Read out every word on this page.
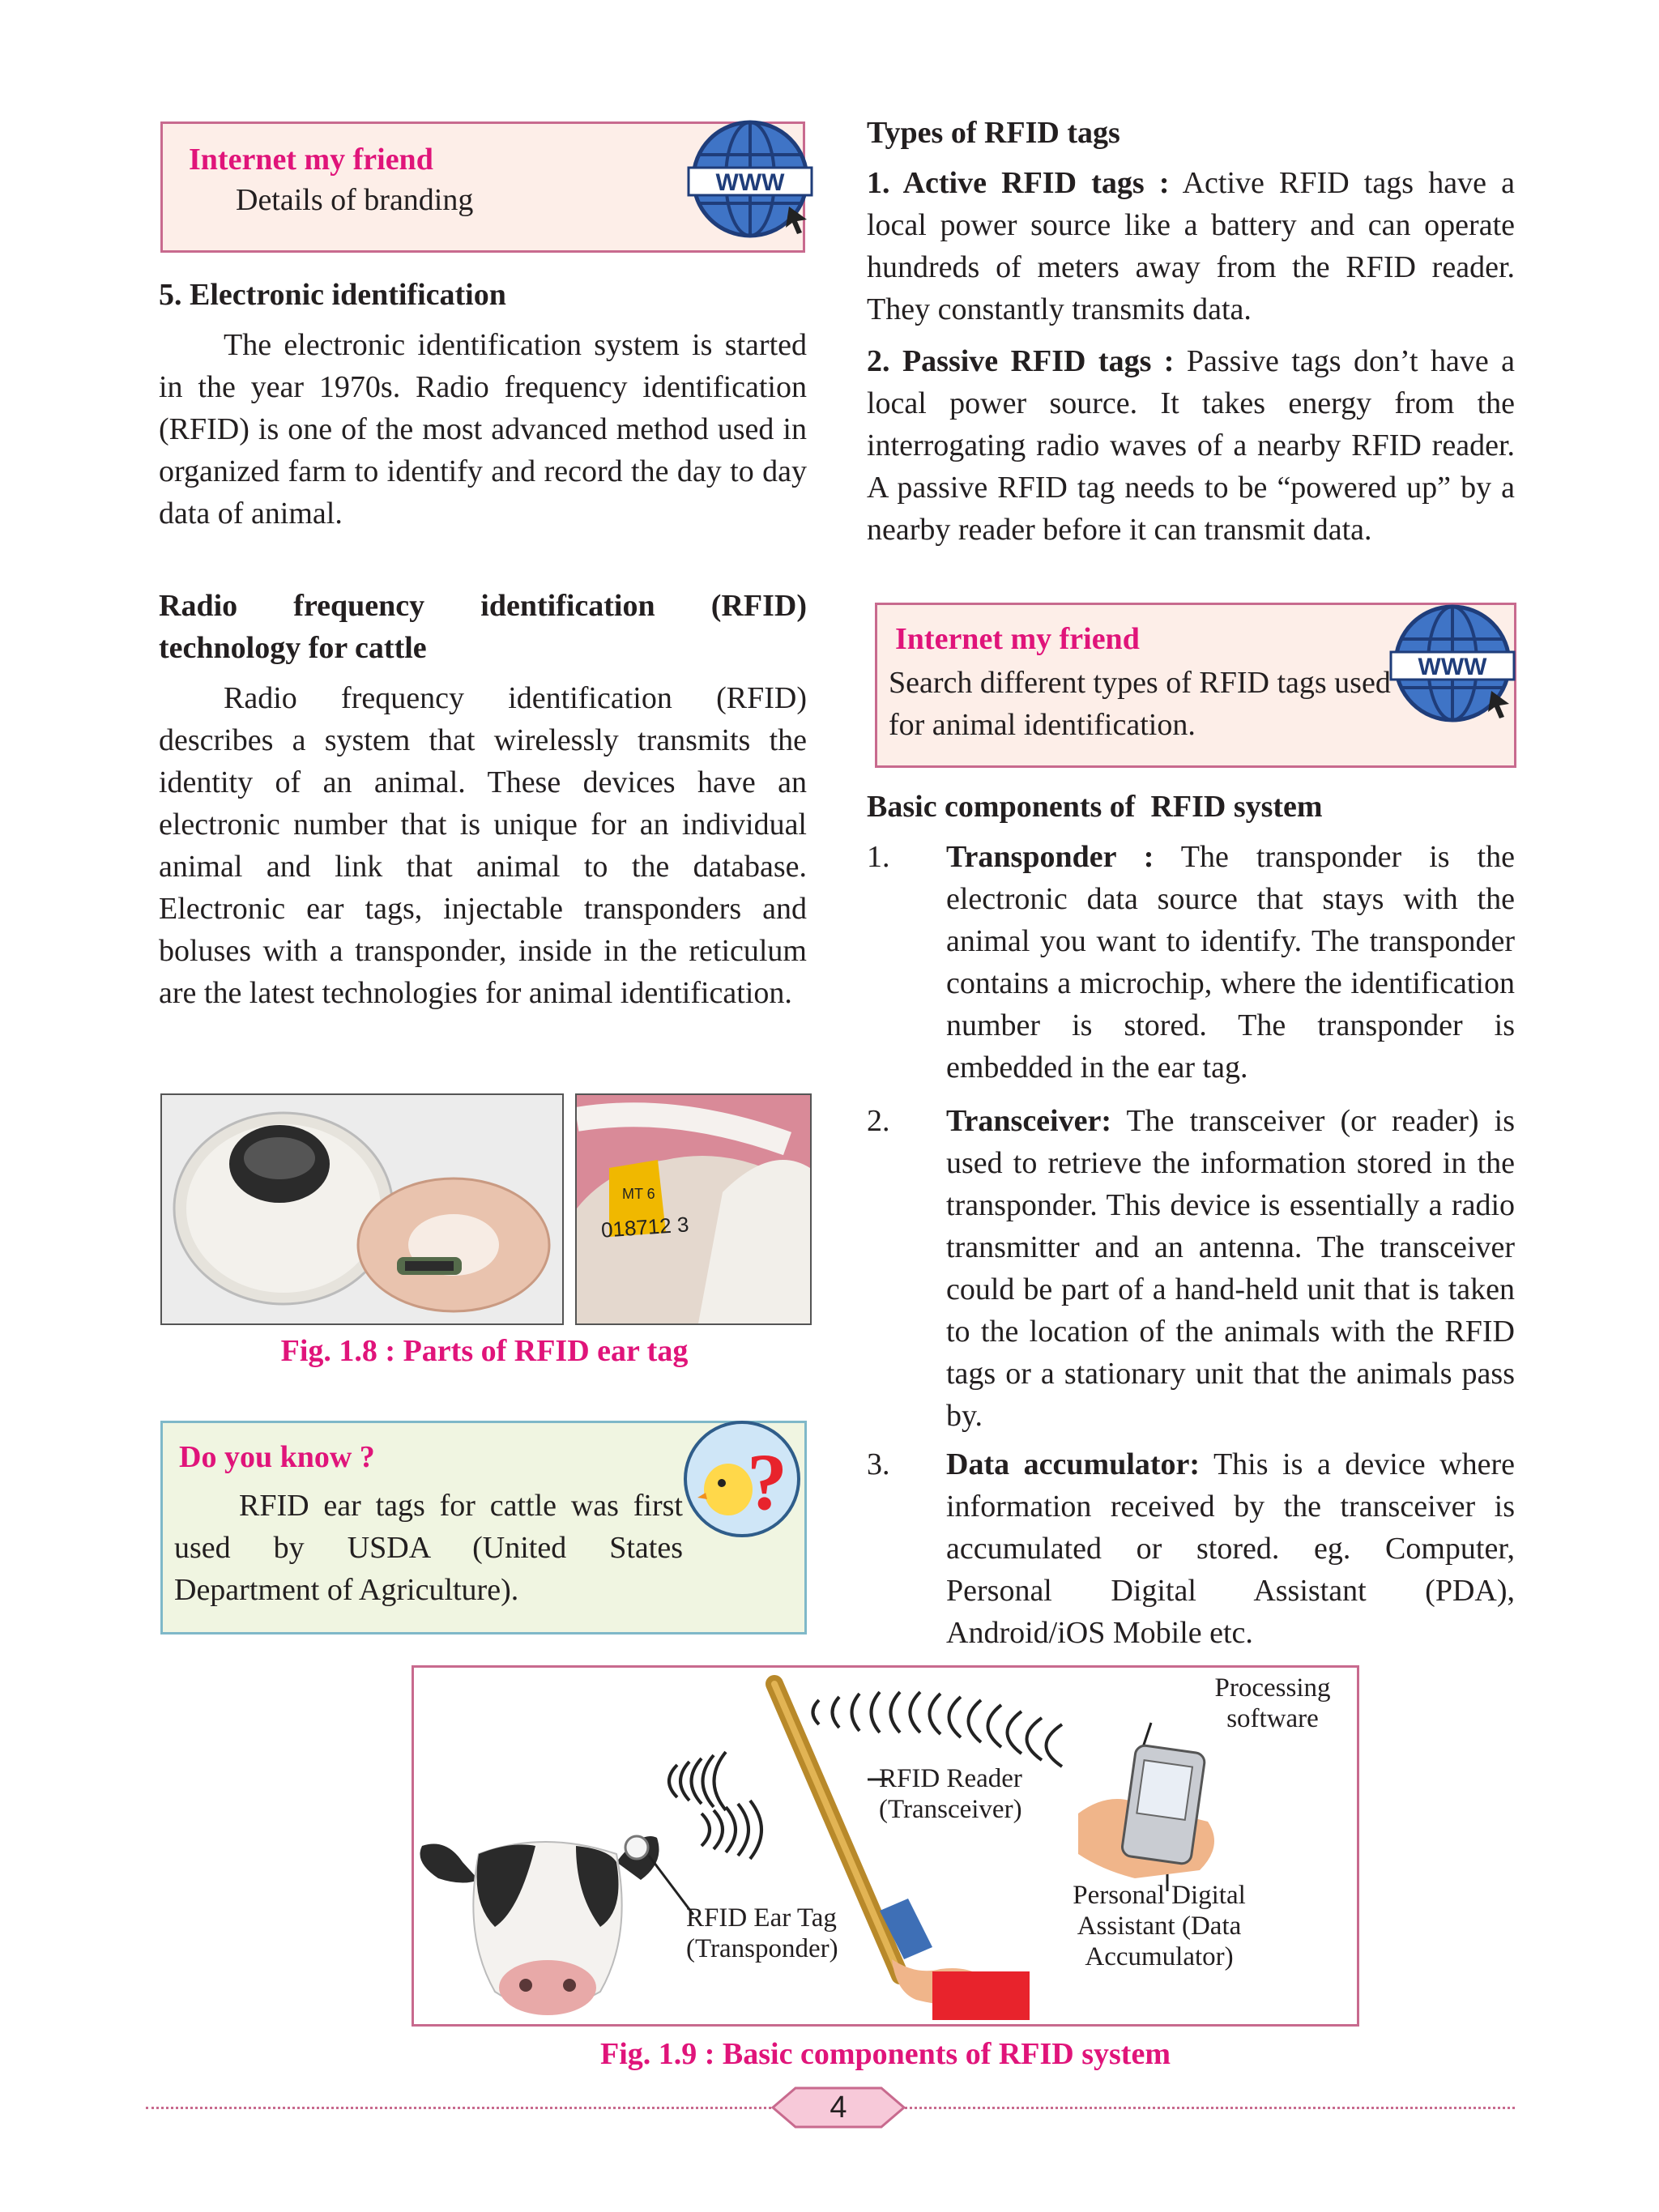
Internet my friend
Details of branding
WWW

5. Electronic identification

The electronic identification system is started in the year 1970s. Radio frequency identification (RFID) is one of the most advanced method used in organized farm to identify and record the day to day data of animal.

Radio frequency identification (RFID) technology for cattle

Radio frequency identification (RFID) describes a system that wirelessly transmits the identity of an animal. These devices have an electronic number that is unique for an individual animal and link that animal to the database. Electronic ear tags, injectable transponders and boluses with a transponder, inside in the reticulum are the latest technologies for animal identification.

MT 6
018712 3
Fig. 1.8 : Parts of RFID ear tag
Do you know ?

RFID ear tags for cattle was first used by USDA (United States Department of Agriculture).

?

Types of RFID tags

1. Active RFID tags : Active RFID tags have a local power source like a battery and can operate hundreds of meters away from the RFID reader. They constantly transmits data.

2. Passive RFID tags : Passive tags don’t have a local power source. It takes energy from the interrogating radio waves of a nearby RFID reader. A passive RFID tag needs to be “powered up” by a nearby reader before it can transmit data.

Internet my friend

Search different types of RFID tags used for animal identification.

WWW

Basic components of  RFID system

1. Transponder : The transponder is the electronic data source that stays with the animal you want to identify. The transponder contains a microchip, where the identification number is stored. The transponder is embedded in the ear tag.
2. Transceiver: The transceiver (or reader) is used to retrieve the information stored in the transponder. This device is essentially a radio transmitter and an antenna. The transceiver could be part of a hand-held unit that is taken to the location of the animals with the RFID tags or a stationary unit that the animals pass by.
3. Data accumulator: This is a device where information received by the transceiver is accumulated or stored. eg. Computer, Personal Digital Assistant (PDA), Android/iOS Mobile etc.
Processing
software
RFID Reader
(Transceiver)
RFID Ear Tag
(Transponder)
Personal Digital
Assistant (Data
Accumulator)
Fig. 1.9 : Basic components of RFID system
4
